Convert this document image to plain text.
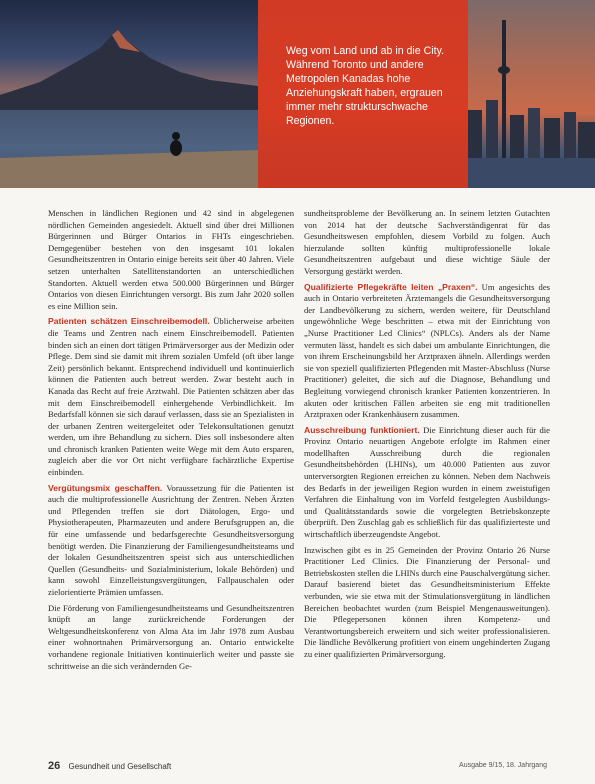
Weg vom Land und ab in die City. Während Toronto und andere Metropolen Kanadas hohe Anziehungskraft haben, ergrauen immer mehr strukturschwache Regionen.

Menschen in ländlichen Regionen und 42 sind in abgelegenen nördlichen Gemeinden angesiedelt. Aktuell sind über drei Millionen Bürgerinnen und Bürger Ontarios in FHTs eingeschrieben. Demgegenüber bestehen von den insgesamt 101 lokalen Gesundheitszentren in Ontario einige bereits seit über 40 Jahren. Viele setzen unterhalten Satellitenstandorten an unterschiedlichen Standorten. Aktuell werden etwa 500.000 Bürgerinnen und Bürger Ontarios von diesen Einrichtungen versorgt. Bis zum Jahr 2020 sollen es eine Million sein.

Patienten schätzen Einschreibemodell. Üblicherweise arbeiten die Teams und Zentren nach einem Einschreibemodell. Patienten binden sich an einen dort tätigen Primärversorger aus der Medizin oder Pflege. Dem sind sie damit mit ihrem sozialen Umfeld (oft über lange Zeit) persönlich bekannt. Entsprechend individuell und kontinuierlich können die Patienten auch betreut werden. Zwar besteht auch in Kanada das Recht auf freie Arztwahl. Die Patienten schätzen aber das mit dem Einschreibemodell einhergehende Verbindlichkeit. Im Bedarfsfall können sie sich darauf verlassen, dass sie an Spezialisten in der urbanen Zentren weitergeleitet oder Telekonsultationen genutzt werden, um ihre Behandlung zu sichern. Dies soll insbesondere alten und chronisch kranken Patienten weite Wege mit dem Auto ersparen, zugleich aber die vor Ort nicht verfügbare fachärztliche Expertise einbinden.

Vergütungsmix geschaffen. Voraussetzung für die Patienten ist auch die multiprofessionelle Ausrichtung der Zentren. Neben Ärzten und Pflegenden treffen sie dort Diätologen, Ergo- und Physiotherapeuten, Pharmazeuten und andere Berufsgruppen an, die für eine umfassende und bedarfsgerechte Gesundheitsversorgung benötigt werden. Die Finanzierung der Familiengesundheitsteams und der lokalen Gesundheitszentren speist sich aus unterschiedlichen Quellen (Gesundheits- und Sozialministerium, lokale Behörden) und kann sowohl Einzelleistungsvergütungen, Fallpauschalen oder zielorientierte Prämien umfassen.

Die Förderung von Familiengesundheitsteams und Gesundheitszentren knüpft an lange zurückreichende Forderungen der Weltgesundheitskonferenz von Alma Ata im Jahr 1978 zum Ausbau einer wohnortnahen Primärversorgung an. Ontario entwickelte vorhandene regionale Initiativen kontinuierlich weiter und passte sie schrittweise an die sich verändernden Ge-

sundheitsprobleme der Bevölkerung an. In seinem letzten Gutachten von 2014 hat der deutsche Sachverständigenrat für das Gesundheitswesen empfohlen, diesem Vorbild zu folgen. Auch hierzulande sollten künftig multiprofessionelle lokale Gesundheitszentren aufgebaut und diese wichtige Säule der Versorgung gestärkt werden.

Qualifizierte Pflegekräfte leiten „Praxen“. Um angesichts des auch in Ontario verbreiteten Ärztemangels die Gesundheitsversorgung der Landbevölkerung zu sichern, werden weitere, für Deutschland ungewöhnliche Wege beschritten – etwa mit der Einrichtung von „Nurse Practitioner Led Clinics“ (NPLCs). Anders als der Name vermuten lässt, handelt es sich dabei um ambulante Einrichtungen, die von ihrem Erscheinungsbild her Arztpraxen ähneln. Allerdings werden sie von speziell qualifizierten Pflegenden mit Master-Abschluss (Nurse Practitioner) geleitet, die sich auf die Diagnose, Behandlung und Begleitung vorwiegend chronisch kranker Patienten konzentrieren. In akuten oder kritischen Fällen arbeiten sie eng mit traditionellen Arztpraxen oder Krankenhäusern zusammen.

Ausschreibung funktioniert. Die Einrichtung dieser auch für die Provinz Ontario neuartigen Angebote erfolgte im Rahmen einer modellhaften Ausschreibung durch die regionalen Gesundheitsbehörden (LHINs), um 40.000 Patienten aus zuvor unterversorgten Regionen erreichen zu können. Neben dem Nachweis des Bedarfs in der jeweiligen Region wurden in einem zweistufigen Verfahren die Einhaltung von im Vorfeld festgelegten Ausbildungs- und Qualitätsstandards sowie die vorgelegten Betriebskonzepte überprüft. Den Zuschlag gab es schließlich für das qualifizierteste und wirtschaftlich überzeugendste Angebot.

Inzwischen gibt es in 25 Gemeinden der Provinz Ontario 26 Nurse Practitioner Led Clinics. Die Finanzierung der Personal- und Betriebskosten stellen die LHINs durch eine Pauschalvergütung sicher. Darauf basierend bietet das Gesundheitsministerium Effekte verbunden, wie sie etwa mit der Stimulationsvergütung in ländlichen Bereichen beobachtet wurden (zum Beispiel Mengenausweitungen). Die Pflegepersonen können ihren Kompetenz- und Verantwortungsbereich erweitern und sich weiter professionalisieren. Die ländliche Bevölkerung profitiert von einem ungehinderten Zugang zu einer qualifizierten Primärversorgung.

26 Gesundheit und Gesellschaft	Ausgabe 9/15, 18. Jahrgang
